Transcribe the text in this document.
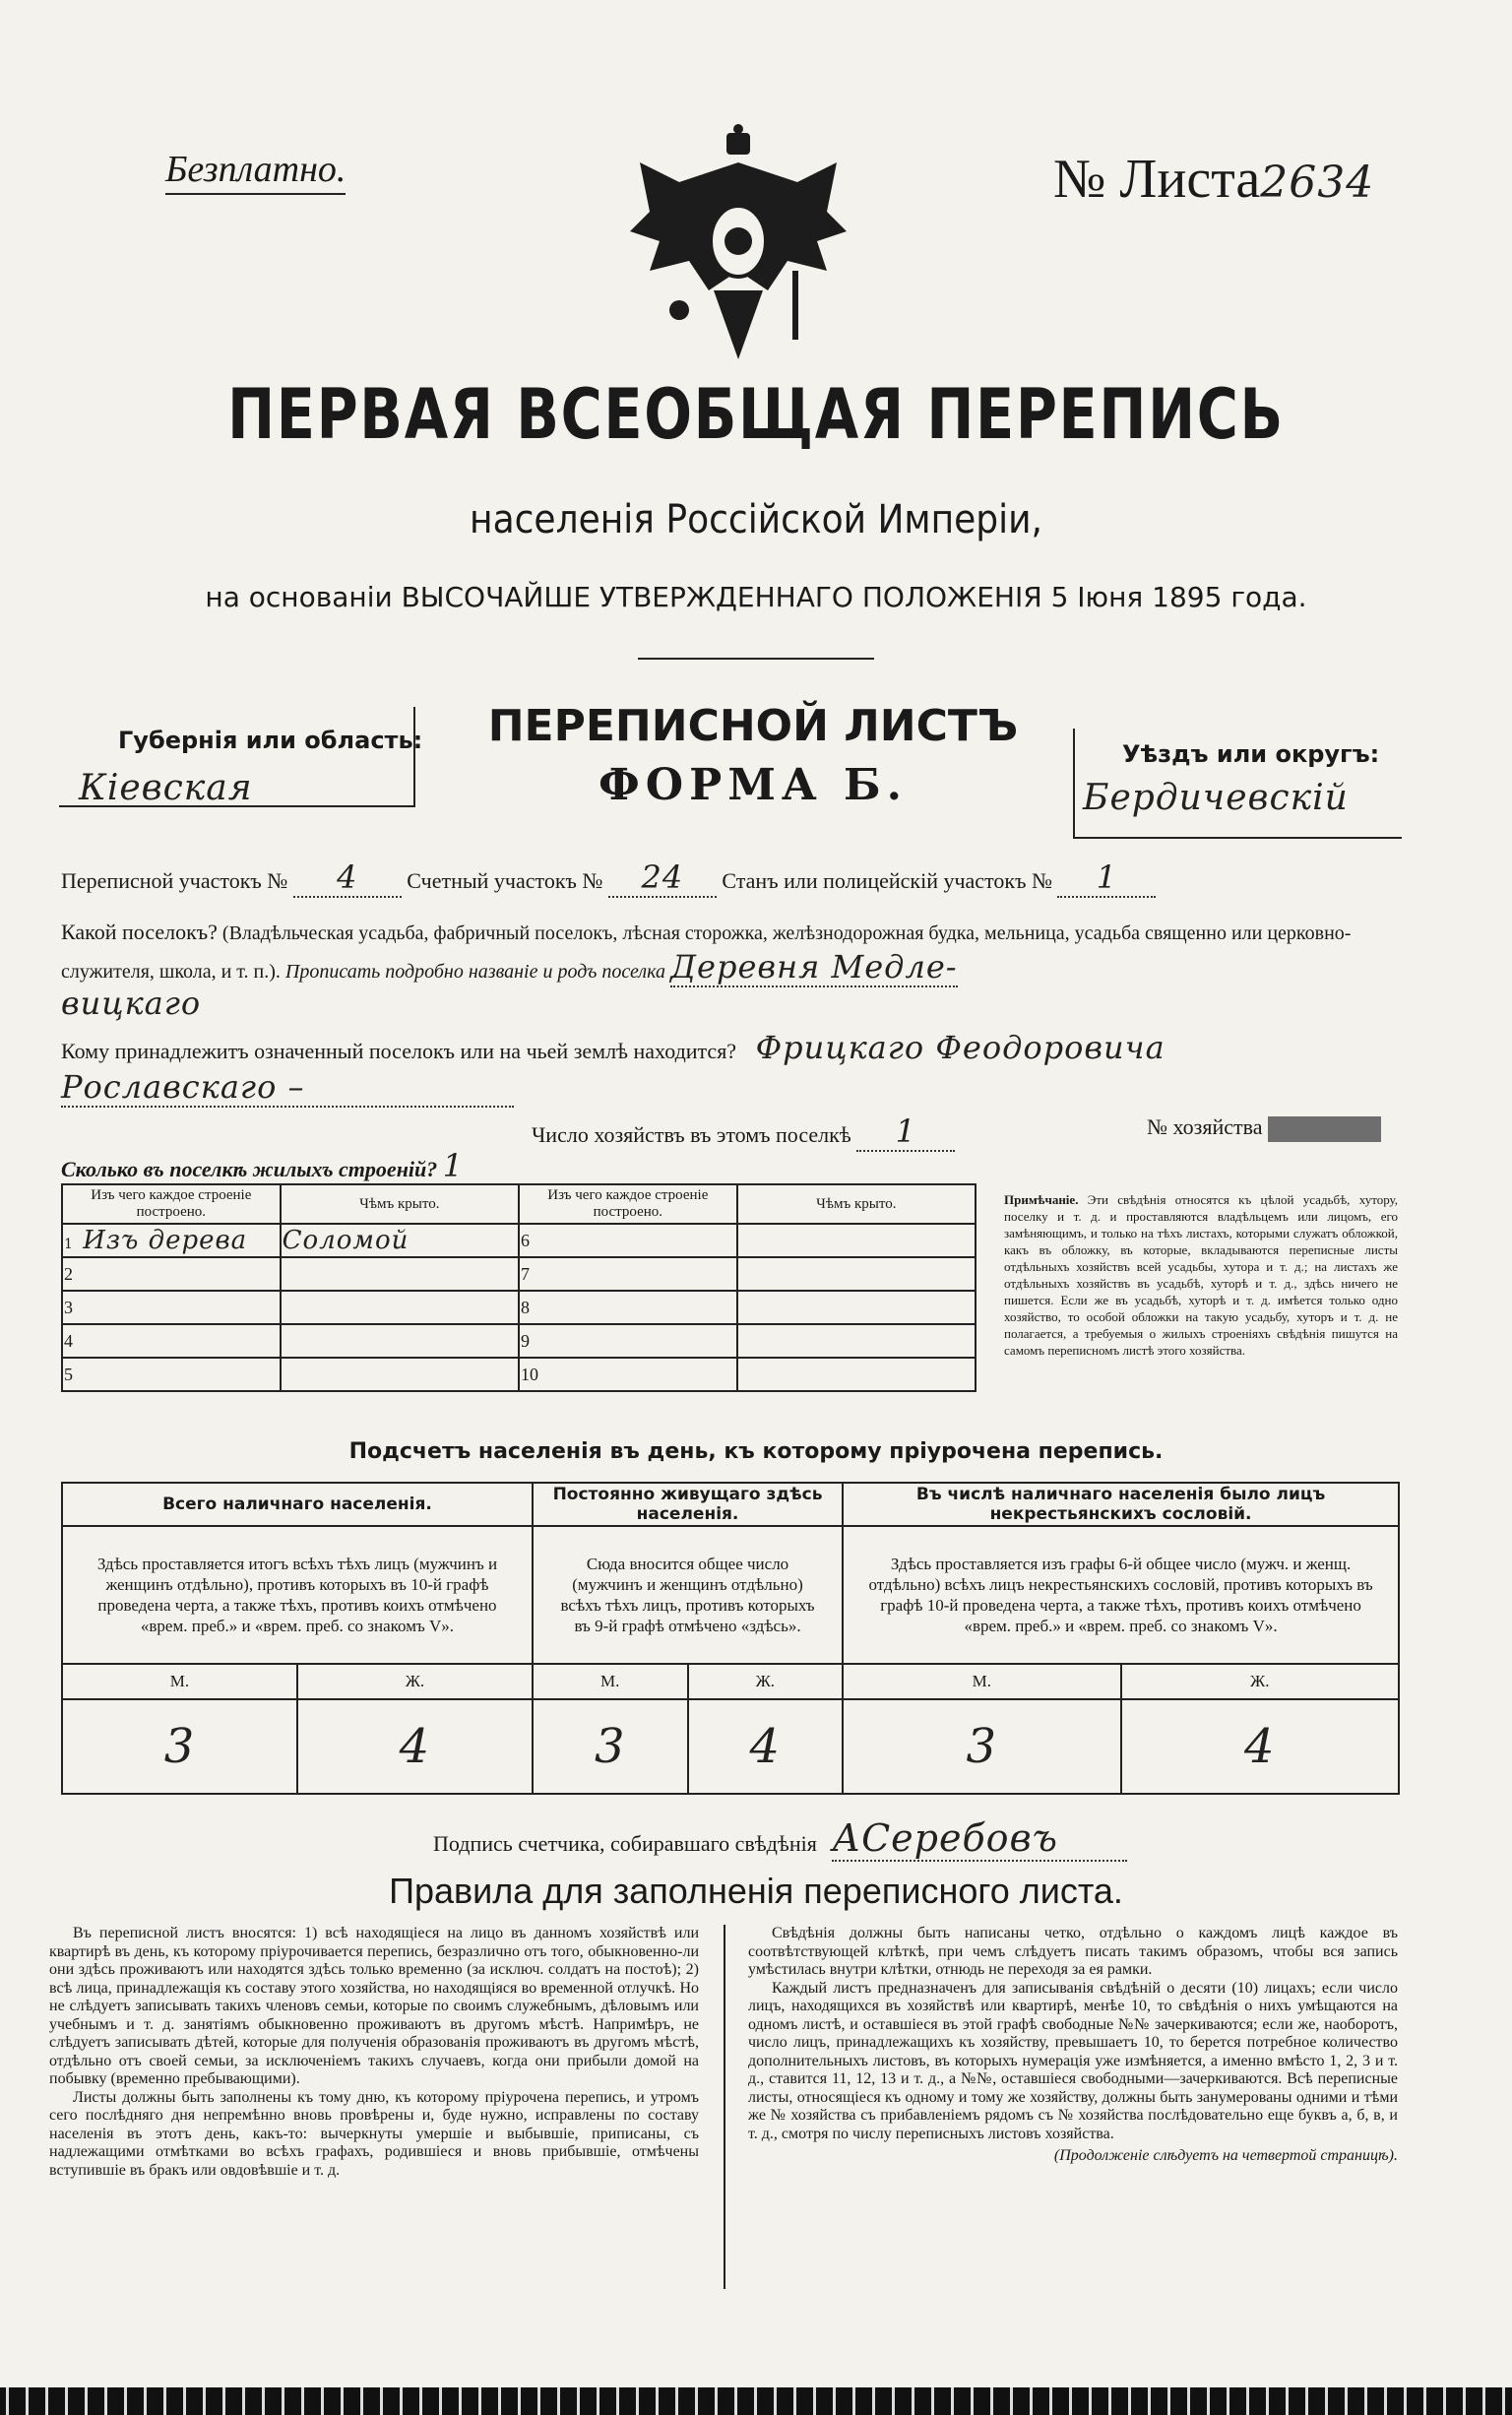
Безплатно.	№ Листа2634
ПЕРВАЯ ВСЕОБЩАЯ ПЕРЕПИСЬ
населенія Россійской Имперіи,
на основаніи ВЫСОЧАЙШЕ УТВЕРЖДЕННАГО ПОЛОЖЕНІЯ 5 Іюня 1895 года.
Губернія или область:
Кіевская
ПЕРЕПИСНОЙ ЛИСТЪ
ФОРМА Б.
Уѣздъ или округъ:
Бердичевскій
Переписной участокъ № 4 Счетный участокъ № 24 Станъ или полицейскій участокъ № 1
Какой поселокъ? (Владѣльческая усадьба, фабричный поселокъ, лѣсная сторожка, желѣзнодорожная будка, мельница, усадьба священно или церковно-служителя, школа, и т. п.). Прописать подробно названіе и родъ поселка Деревня Медле-
вицкаго
Кому принадлежитъ означенный поселокъ или на чьей землѣ находится? Фрицкаго Феодоровича
Рославскаго –
Число хозяйствъ въ этомъ поселкѣ 1	№ хозяйства
Сколько въ поселкѣ жилыхъ строеній? 1
Изъ чего каждое строеніе построено.	Чѣмъ крыто.	Изъ чего каждое строеніе построено.	Чѣмъ крыто.
1 Изъ дерева	Соломой	6	
2		7	
3		8	
4		9	
5		10	
Примѣчаніе. Эти свѣдѣнія относятся къ цѣлой усадьбѣ, хутору, поселку и т. д. и проставляются владѣльцемъ или лицомъ, его замѣняющимъ, и только на тѣхъ листахъ, которыми служатъ обложкой, какъ въ обложку, въ которые, вкладываются переписные листы отдѣльныхъ хозяйствъ всей усадьбы, хутора и т. д.; на листахъ же отдѣльныхъ хозяйствъ въ усадьбѣ, хуторѣ и т. д., здѣсь ничего не пишется. Если же въ усадьбѣ, хуторѣ и т. д. имѣется только одно хозяйство, то особой обложки на такую усадьбу, хуторъ и т. д. не полагается, а требуемыя о жилыхъ строеніяхъ свѣдѣнія пишутся на самомъ переписномъ листѣ этого хозяйства.
Подсчетъ населенія въ день, къ которому пріурочена перепись.
Всего наличнаго населенія.		Постоянно живущаго здѣсь населенія.		Въ числѣ наличнаго населенія было лицъ некрестьянскихъ сословій.	
Здѣсь проставляется итогъ всѣхъ тѣхъ лицъ (мужчинъ и женщинъ отдѣльно), противъ которыхъ въ 10-й графѣ проведена черта, а также тѣхъ, противъ коихъ отмѣчено «врем. преб.» и «врем. преб. со знакомъ V».		Сюда вносится общее число (мужчинъ и женщинъ отдѣльно) всѣхъ тѣхъ лицъ, противъ которыхъ въ 9-й графѣ отмѣчено «здѣсь».		Здѣсь проставляется изъ графы 6-й общее число (мужч. и женщ. отдѣльно) всѣхъ лицъ некрестьянскихъ сословій, противъ которыхъ въ графѣ 10-й проведена черта, а также тѣхъ, противъ коихъ отмѣчено «врем. преб.» и «врем. преб. со знакомъ V».	
М.	Ж.	М.	Ж.	М.	Ж.
3	4	3	4	3	4
Подпись счетчика, собиравшаго свѣдѣнія АСеребовъ
Правила для заполненія переписного листа.

Въ переписной листъ вносятся: 1) всѣ находящіеся на лицо въ данномъ хозяйствѣ или квартирѣ въ день, къ которому пріурочивается перепись, безразлично отъ того, обыкновенно-ли они здѣсь проживаютъ или находятся здѣсь только временно (за исключ. солдатъ на постоѣ); 2) всѣ лица, принадлежащія къ составу этого хозяйства, но находящіяся во временной отлучкѣ. Но не слѣдуетъ записывать такихъ членовъ семьи, которые по своимъ служебнымъ, дѣловымъ или учебнымъ и т. д. занятіямъ обыкновенно проживаютъ въ другомъ мѣстѣ. Напримѣръ, не слѣдуетъ записывать дѣтей, которые для полученія образованія проживаютъ въ другомъ мѣстѣ, отдѣльно отъ своей семьи, за исключеніемъ такихъ случаевъ, когда они прибыли домой на побывку (временно пребывающими).

Листы должны быть заполнены къ тому дню, къ которому пріурочена перепись, и утромъ сего послѣдняго дня непремѣнно вновь провѣрены и, буде нужно, исправлены по составу населенія въ этотъ день, какъ-то: вычеркнуты умершіе и выбывшіе, приписаны, съ надлежащими отмѣтками во всѣхъ графахъ, родившіеся и вновь прибывшіе, отмѣчены вступившіе въ бракъ или овдовѣвшіе и т. д.

Свѣдѣнія должны быть написаны четко, отдѣльно о каждомъ лицѣ каждое въ соотвѣтствующей клѣткѣ, при чемъ слѣдуетъ писать такимъ образомъ, чтобы вся запись умѣстилась внутри клѣтки, отнюдь не переходя за ея рамки.

Каждый листъ предназначенъ для записыванія свѣдѣній о десяти (10) лицахъ; если число лицъ, находящихся въ хозяйствѣ или квартирѣ, менѣе 10, то свѣдѣнія о нихъ умѣщаются на одномъ листѣ, и оставшіеся въ этой графѣ свободные №№ зачеркиваются; если же, наоборотъ, число лицъ, принадлежащихъ къ хозяйству, превышаетъ 10, то берется потребное количество дополнительныхъ листовъ, въ которыхъ нумерація уже измѣняется, а именно вмѣсто 1, 2, 3 и т. д., ставится 11, 12, 13 и т. д., а №№, оставшіеся свободными—зачеркиваются. Всѣ переписные листы, относящіеся къ одному и тому же хозяйству, должны быть занумерованы одними и тѣми же № хозяйства съ прибавленіемъ рядомъ съ № хозяйства послѣдовательно еще буквъ а, б, в, и т. д., смотря по числу переписныхъ листовъ хозяйства.

(Продолженіе слѣдуетъ на четвертой страницѣ).
